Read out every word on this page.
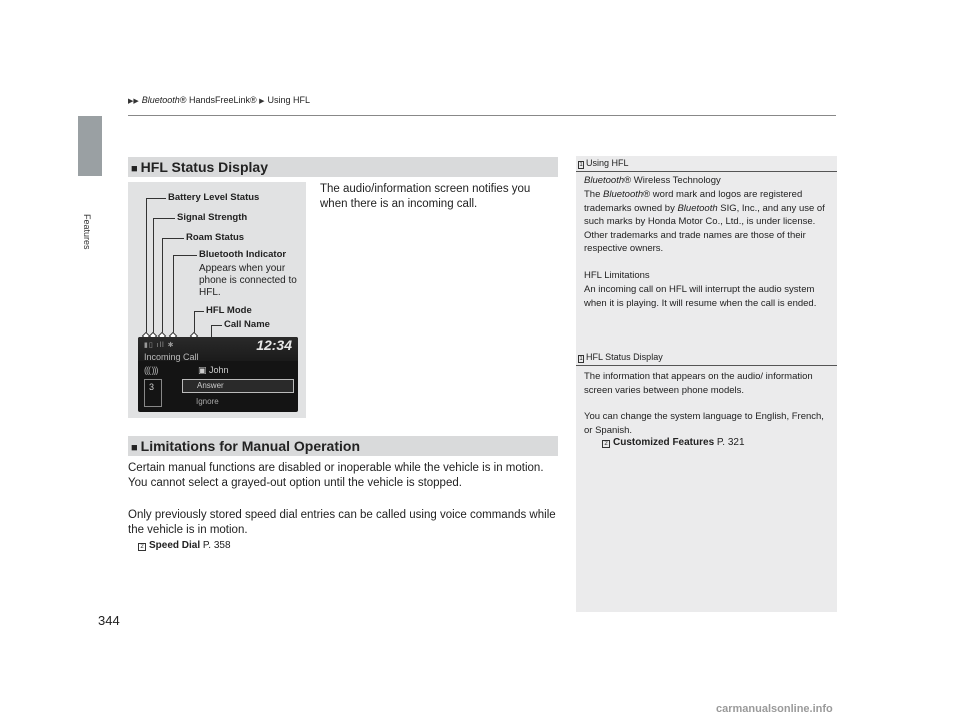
▶▶ Bluetooth® HandsFreeLink® ▶ Using HFL
Features
344
■ HFL Status Display
The audio/information screen notifies you when there is an incoming call.
Battery Level Status
Signal Strength
Roam Status
Bluetooth Indicator
Appears when your phone is connected to HFL.
HFL Mode
Call Name
▮▯ ıll ✱	12:34
Incoming Call
((( )))	▣ John
3	Answer
Ignore
■ Limitations for Manual Operation
Certain manual functions are disabled or inoperable while the vehicle is in motion. You cannot select a grayed-out option until the vehicle is stopped.
Only previously stored speed dial entries can be called using voice commands while the vehicle is in motion.
2 Speed Dial P. 358
1 Using HFL
Bluetooth® Wireless Technology
The Bluetooth® word mark and logos are registered trademarks owned by Bluetooth SIG, Inc., and any use of such marks by Honda Motor Co., Ltd., is under license. Other trademarks and trade names are those of their respective owners.
HFL Limitations
An incoming call on HFL will interrupt the audio system when it is playing. It will resume when the call is ended.
1 HFL Status Display
The information that appears on the audio/ information screen varies between phone models.
You can change the system language to English, French, or Spanish.
2 Customized Features P. 321
carmanualsonline.info
